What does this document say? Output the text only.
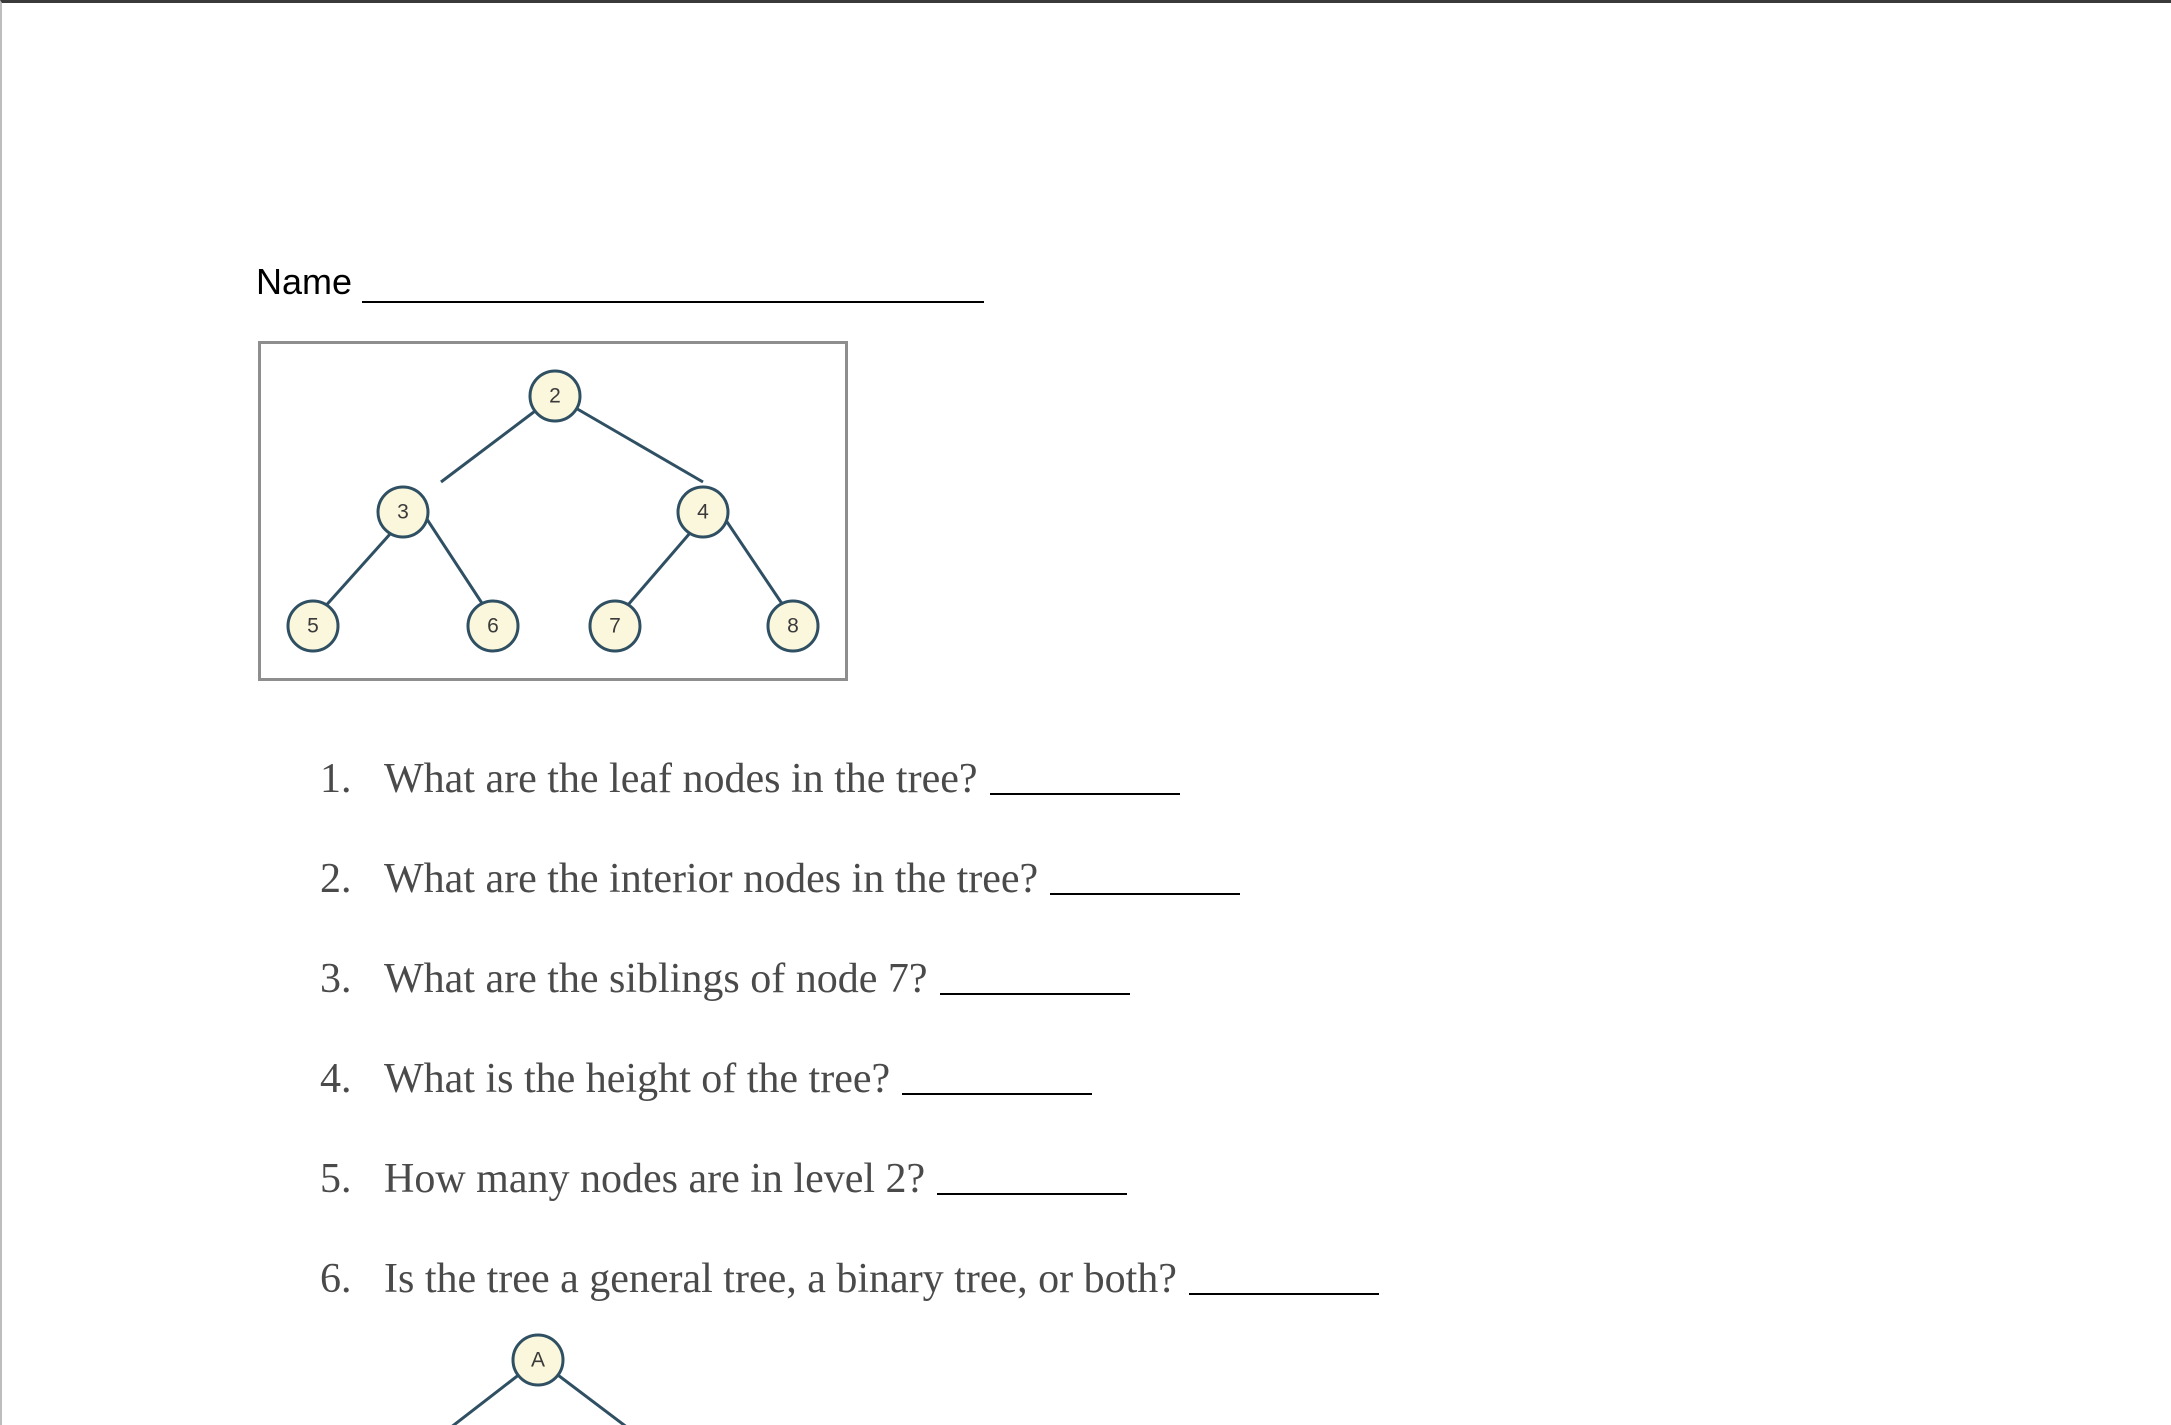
Name
2
3	4
5	6	7	8
1. What are the leaf nodes in the tree?
2. What are the interior nodes in the tree?
3. What are the siblings of node 7?
4. What is the height of the tree?
5. How many nodes are in level 2?
6. Is the tree a general tree, a binary tree, or both?
A
